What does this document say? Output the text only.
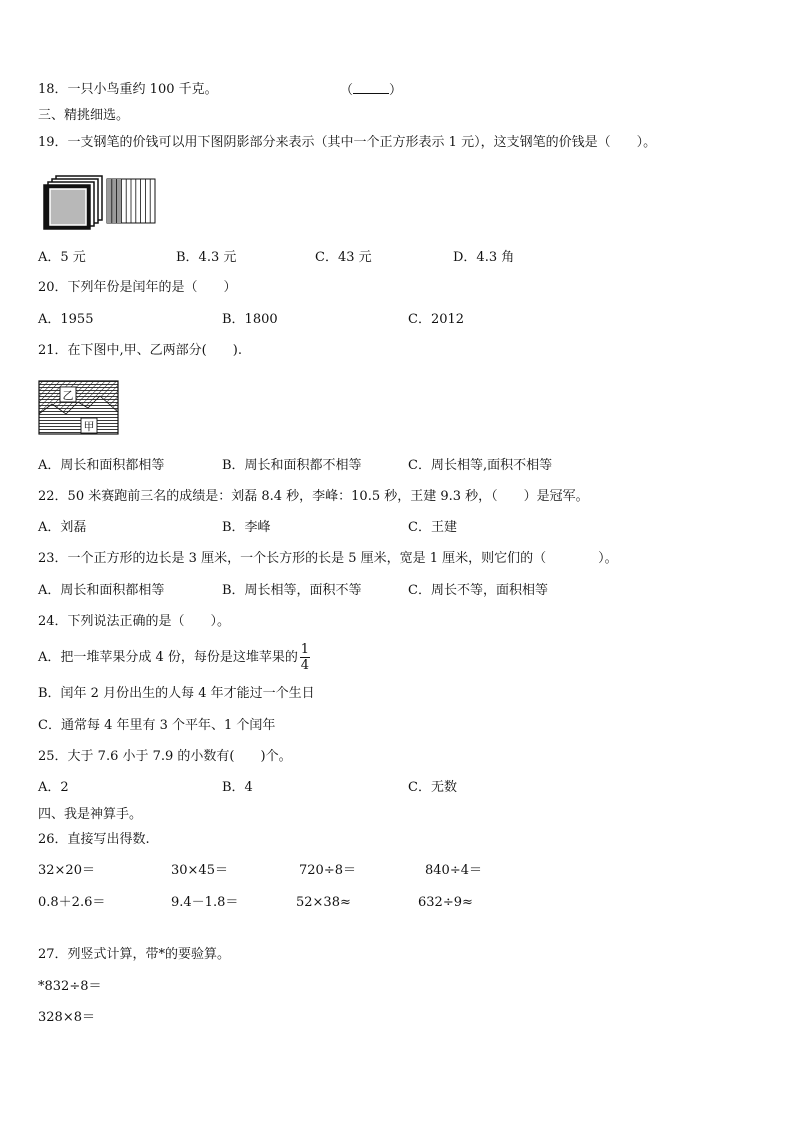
18．一只小鸟重约 100 千克。	（	）
三、精挑细选。
19．一支钢笔的价钱可以用下图阴影部分来表示（其中一个正方形表示 1 元），这支钢笔的价钱是（　　）。
A．5 元	B．4.3 元	C．43 元	D．4.3 角
20．下列年份是闰年的是（　　）
A．1955	B．1800	C．2012
21．在下图中,甲、乙两部分(　　).
乙
甲
A．周长和面积都相等	B．周长和面积都不相等	C．周长相等,面积不相等
22．50 米赛跑前三名的成绩是：刘磊 8.4 秒，李峰：10.5 秒，王建 9.3 秒，（　　）是冠军。
A．刘磊	B．李峰	C．王建
23．一个正方形的边长是 3 厘米，一个长方形的长是 5 厘米，宽是 1 厘米，则它们的（　　　　）。
A．周长和面积都相等	B．周长相等，面积不等	C．周长不等，面积相等
24．下列说法正确的是（　　）。
A．把一堆苹果分成 4 份，每份是这堆苹果的 $\frac{1}{4}$
B．闰年 2 月份出生的人每 4 年才能过一个生日
C．通常每 4 年里有 3 个平年、1 个闰年
25．大于 7.6 小于 7.9 的小数有(　　)个。
A．2	B．4	C．无数
四、我是神算手。
26．直接写出得数.
32×20＝	30×45＝	720÷8＝	840÷4＝
0.8＋2.6＝	9.4－1.8＝	52×38≈	632÷9≈
27．列竖式计算，带*的要验算。
*832÷8＝
328×8＝
